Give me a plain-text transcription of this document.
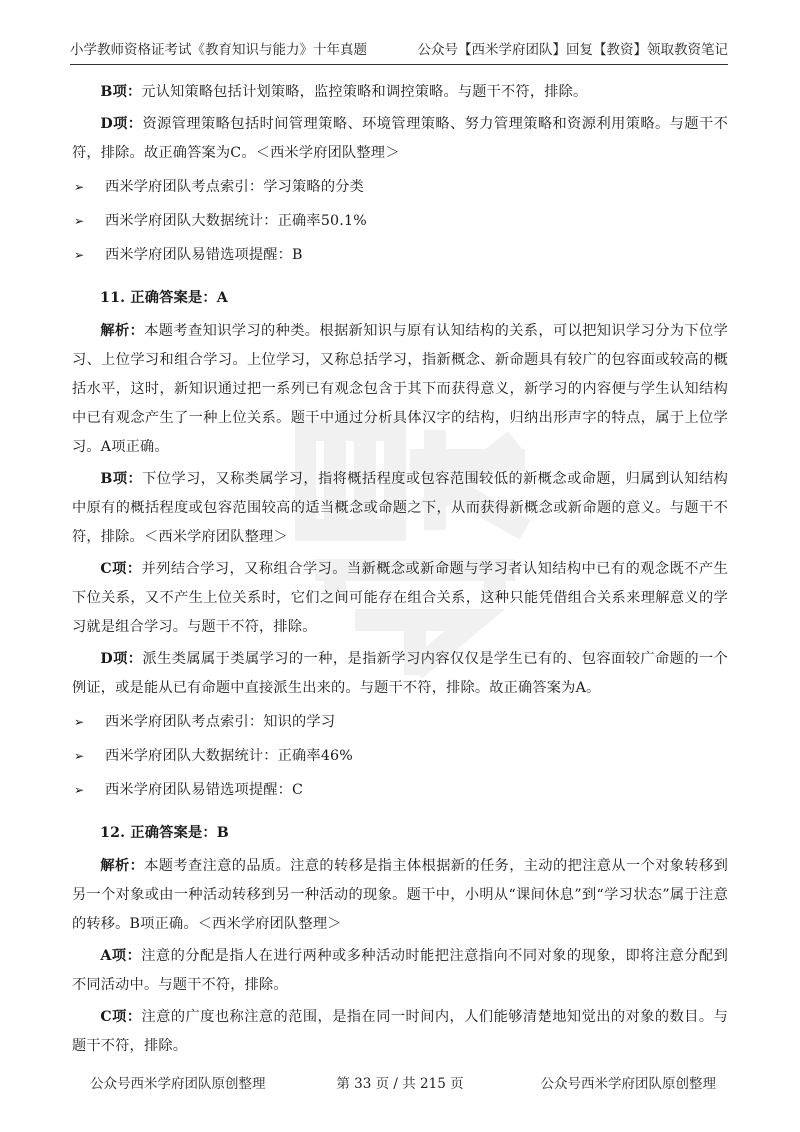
小学教师资格证考试《教育知识与能力》十年真题	公众号【西米学府团队】回复【教资】领取教资笔记

B项：元认知策略包括计划策略，监控策略和调控策略。与题干不符，排除。

D项：资源管理策略包括时间管理策略、环境管理策略、努力管理策略和资源利用策略。与题干不符，排除。故正确答案为C。＜西米学府团队整理＞

➢ 西米学府团队考点索引：学习策略的分类
➢ 西米学府团队大数据统计：正确率50.1%
➢ 西米学府团队易错选项提醒：B
11. 正确答案是：A

解析：本题考查知识学习的种类。根据新知识与原有认知结构的关系，可以把知识学习分为下位学习、上位学习和组合学习。上位学习，又称总括学习，指新概念、新命题具有较广的包容面或较高的概括水平，这时，新知识通过把一系列已有观念包含于其下而获得意义，新学习的内容便与学生认知结构中已有观念产生了一种上位关系。题干中通过分析具体汉字的结构，归纳出形声字的特点，属于上位学习。A项正确。

B项：下位学习，又称类属学习，指将概括程度或包容范围较低的新概念或命题，归属到认知结构中原有的概括程度或包容范围较高的适当概念或命题之下，从而获得新概念或新命题的意义。与题干不符，排除。＜西米学府团队整理＞

C项：并列结合学习，又称组合学习。当新概念或新命题与学习者认知结构中已有的观念既不产生下位关系，又不产生上位关系时，它们之间可能存在组合关系，这种只能凭借组合关系来理解意义的学习就是组合学习。与题干不符，排除。

D项：派生类属属于类属学习的一种，是指新学习内容仅仅是学生已有的、包容面较广命题的一个例证，或是能从已有命题中直接派生出来的。与题干不符，排除。故正确答案为A。

➢ 西米学府团队考点索引：知识的学习
➢ 西米学府团队大数据统计：正确率46%
➢ 西米学府团队易错选项提醒：C
12. 正确答案是：B

解析：本题考查注意的品质。注意的转移是指主体根据新的任务，主动的把注意从一个对象转移到另一个对象或由一种活动转移到另一种活动的现象。题干中，小明从“课间休息”到“学习状态”属于注意的转移。B项正确。＜西米学府团队整理＞

A项：注意的分配是指人在进行两种或多种活动时能把注意指向不同对象的现象，即将注意分配到不同活动中。与题干不符，排除。

C项：注意的广度也称注意的范围，是指在同一时间内，人们能够清楚地知觉出的对象的数目。与题干不符，排除。

公众号西米学府团队原创整理	第 33 页 / 共 215 页	公众号西米学府团队原创整理
